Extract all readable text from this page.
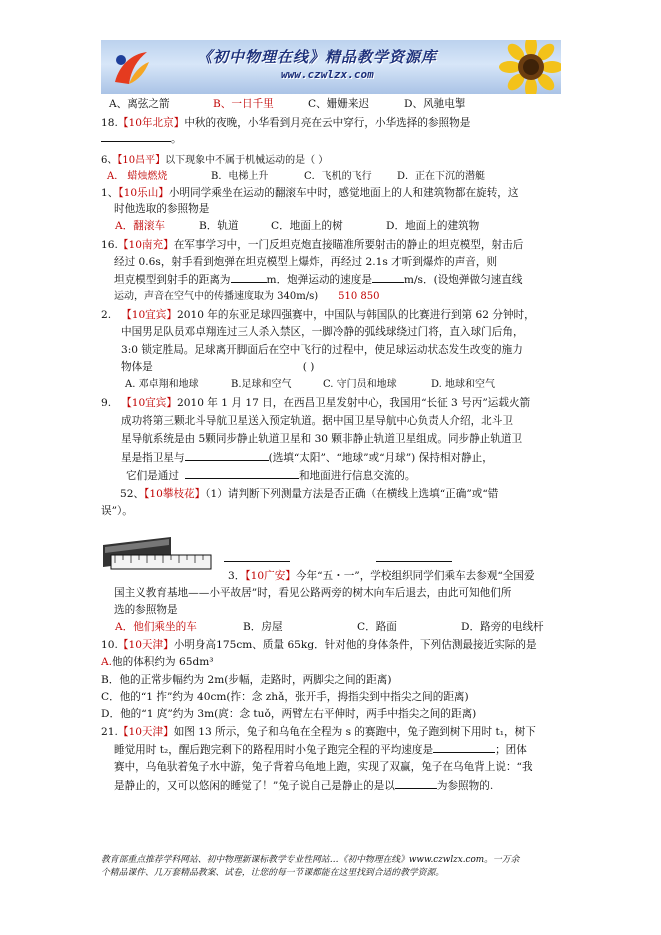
《初中物理在线》精品教学资源库
www.czwlzx.com
A、离弦之箭	B、一日千里	C、姗姗来迟	D、风驰电掣
18.【10年北京】中秋的夜晚，小华看到月亮在云中穿行，小华选择的参照物是
。
6、【10昌平】以下现象中不属于机械运动的是（ ）
A． 蜡烛燃烧	B．电梯上升	C．飞机的飞行	D．正在下沉的潜艇
1、【10乐山】小明同学乘坐在运动的翻滚车中时，感觉地面上的人和建筑物都在旋转，这
时他选取的参照物是
A．翻滚车	B．轨道	C．地面上的树	D．地面上的建筑物
16.【10南充】在军事学习中，一门反坦克炮直接瞄准所要射击的静止的坦克模型，射击后
经过 0.6s，射手看到炮弹在坦克模型上爆炸，再经过 2.1s 才听到爆炸的声音，则
坦克模型到射手的距离为	m．炮弹运动的速度是	m/s．(设炮弹做匀速直线
运动，声音在空气中的传播速度取为 340m/s) 510 850
2. 【10宜宾】2010 年的东亚足球四强赛中，中国队与韩国队的比赛进行到第 62 分钟时，
中国男足队员邓卓翔连过三人杀入禁区，一脚冷静的弧线球绕过门将，直入球门后角，
3:0 锁定胜局。足球离开脚面后在空中飞行的过程中，使足球运动状态发生改变的施力
物体是	( )
A. 邓卓翔和地球	B.足球和空气	C. 守门员和地球	D. 地球和空气
9. 【10宜宾】2010 年 1 月 17 日，在西昌卫星发射中心，我国用“长征 3 号丙”运载火箭
成功将第三颗北斗导航卫星送入预定轨道。据中国卫星导航中心负责人介绍，北斗卫
星导航系统是由 5颗同步静止轨道卫星和 30 颗非静止轨道卫星组成。同步静止轨道卫
星是指卫星与	(选填“太阳”、“地球”或“月球”) 保持相对静止，
它们是通过	和地面进行信息交流的。
52、【10攀枝花】（1）请判断下列测量方法是否正确（在横线上选填“正确”或“错
误”）。
3．【10广安】今年“五・一”，学校组织同学们乘车去参观“全国爱
国主义教育基地——小平故居”时，看见公路两旁的树木向车后退去，由此可知他们所
选的参照物是
A．他们乘坐的车	B．房屋	C．路面	D．路旁的电线杆
10.【10天津】小明身高175cm、质量 65kg．针对他的身体条件，下列估测最接近实际的是
A.他的体积约为 65dm³
B．他的正常步幅约为 2m(步幅，走路时，两脚尖之间的距离)
C．他的“1 拃”约为 40cm(拃：念 zhǎ，张开手，拇指尖到中指尖之间的距离)
D．他的“1 庹”约为 3m(庹：念 tuǒ，两臂左右平伸时，两手中指尖之间的距离)
21.【10天津】如图 13 所示，兔子和乌龟在全程为 s 的赛跑中，兔子跑到树下用时 t₁，树下
睡觉用时 t₂，醒后跑完剩下的路程用时小兔子跑完全程的平均速度是	；团体
赛中，乌龟驮着兔子水中游，兔子背着乌龟地上跑，实现了双赢，兔子在乌龟背上说：“我
是静止的，又可以悠闲的睡觉了！”兔子说自己是静止的是以	为参照物的.
教育部重点推荐学科网站、初中物理新课标教学专业性网站…《初中物理在线》www.czwlzx.com。一万余
个精品课件、几万套精品教案、试卷，让您的每一节课都能在这里找到合适的教学资源。
